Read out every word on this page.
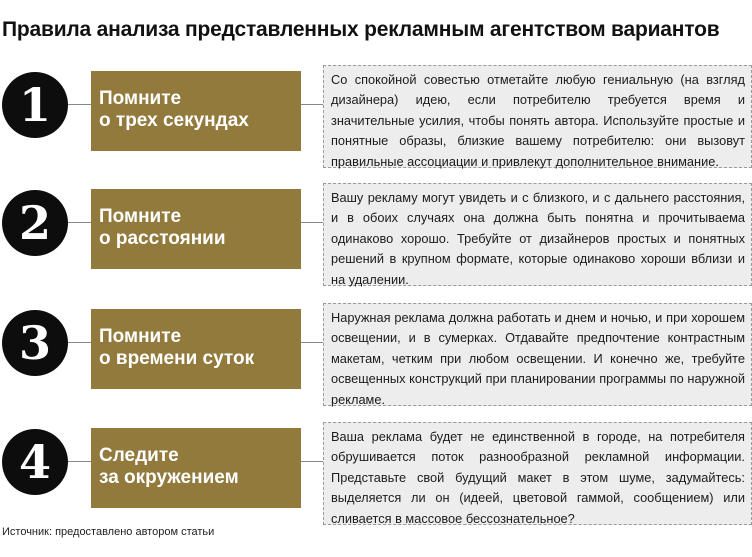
Правила анализа представленных рекламным агентством вариантов
1	Помните
о трех секундах
Со спокойной совестью отметайте любую гениальную (на взгляд дизайнера) идею, если потребителю требуется время и значительные усилия, чтобы понять автора. Используйте простые и понятные образы, близкие вашему потребителю: они вызовут правильные ассоциации и привлекут дополнительное внимание.
2	Помните
о расстоянии
Вашу рекламу могут увидеть и с близкого, и с дальнего расстояния, и в обоих случаях она должна быть понятна и прочитываема одинаково хорошо. Требуйте от дизайнеров простых и понятных решений в крупном формате, которые одинаково хороши вблизи и на удалении.
3	Помните
о времени суток
Наружная реклама должна работать и днем и ночью, и при хорошем освещении, и в сумерках. Отдавайте предпочтение контрастным макетам, четким при любом освещении. И конечно же, требуйте освещенных конструкций при планировании программы по наружной рекламе.
4	Следите
за окружением
Ваша реклама будет не единственной в городе, на потребителя обрушивается поток разнообразной рекламной информации. Представьте свой будущий макет в этом шуме, задумайтесь: выделяется ли он (идеей, цветовой гаммой, сообщением) или сливается в массовое бессознательное?
Источник: предоставлено автором статьи
